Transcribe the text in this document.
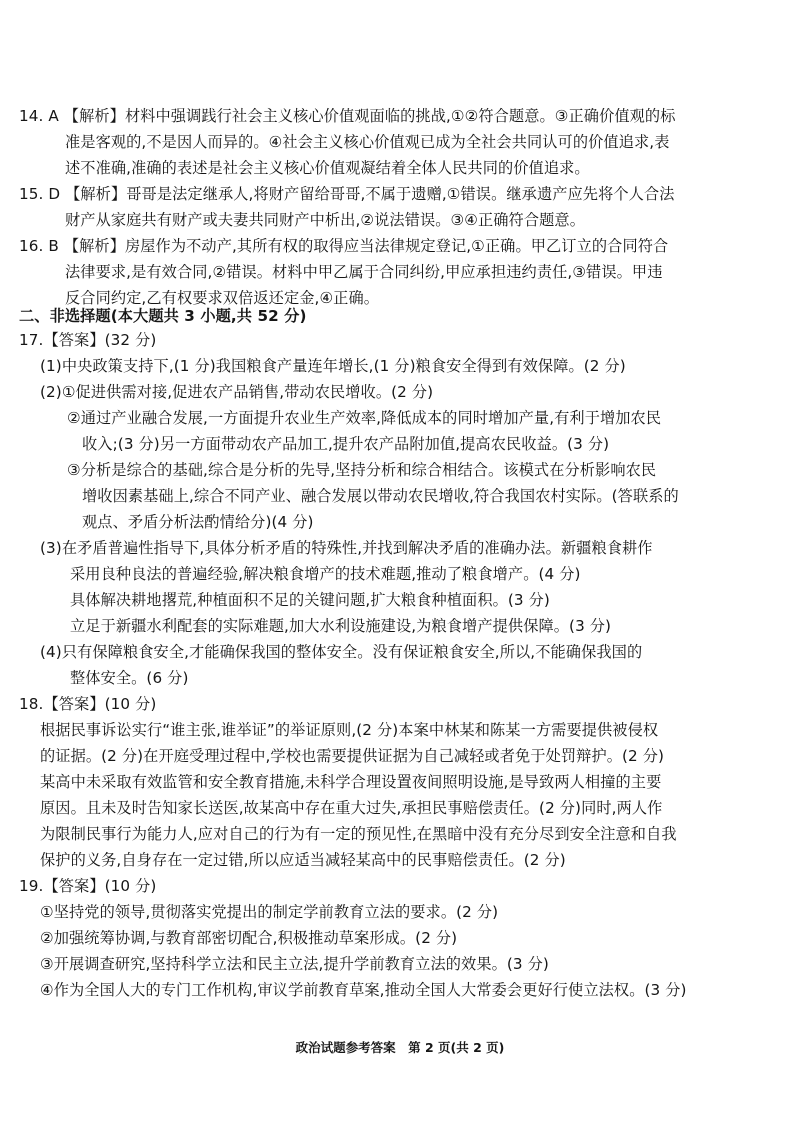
14. A 【解析】材料中强调践行社会主义核心价值观面临的挑战,①②符合题意。③正确价值观的标
准是客观的,不是因人而异的。④社会主义核心价值观已成为全社会共同认可的价值追求,表
述不准确,准确的表述是社会主义核心价值观凝结着全体人民共同的价值追求。
15. D 【解析】哥哥是法定继承人,将财产留给哥哥,不属于遗赠,①错误。继承遗产应先将个人合法
财产从家庭共有财产或夫妻共同财产中析出,②说法错误。③④正确符合题意。
16. B 【解析】房屋作为不动产,其所有权的取得应当法律规定登记,①正确。甲乙订立的合同符合
法律要求,是有效合同,②错误。材料中甲乙属于合同纠纷,甲应承担违约责任,③错误。甲违
反合同约定,乙有权要求双倍返还定金,④正确。
二、非选择题(本大题共 3 小题,共 52 分)
17.【答案】(32 分)
(1)中央政策支持下,(1 分)我国粮食产量连年增长,(1 分)粮食安全得到有效保障。(2 分)
(2)①促进供需对接,促进农产品销售,带动农民增收。(2 分)
②通过产业融合发展,一方面提升农业生产效率,降低成本的同时增加产量,有利于增加农民
收入;(3 分)另一方面带动农产品加工,提升农产品附加值,提高农民收益。(3 分)
③分析是综合的基础,综合是分析的先导,坚持分析和综合相结合。该模式在分析影响农民
增收因素基础上,综合不同产业、融合发展以带动农民增收,符合我国农村实际。(答联系的
观点、矛盾分析法酌情给分)(4 分)
(3)在矛盾普遍性指导下,具体分析矛盾的特殊性,并找到解决矛盾的准确办法。新疆粮食耕作
采用良种良法的普遍经验,解决粮食增产的技术难题,推动了粮食增产。(4 分)
具体解决耕地撂荒,种植面积不足的关键问题,扩大粮食种植面积。(3 分)
立足于新疆水利配套的实际难题,加大水利设施建设,为粮食增产提供保障。(3 分)
(4)只有保障粮食安全,才能确保我国的整体安全。没有保证粮食安全,所以,不能确保我国的
整体安全。(6 分)
18.【答案】(10 分)
根据民事诉讼实行“谁主张,谁举证”的举证原则,(2 分)本案中林某和陈某一方需要提供被侵权
的证据。(2 分)在开庭受理过程中,学校也需要提供证据为自己减轻或者免于处罚辩护。(2 分)
某高中未采取有效监管和安全教育措施,未科学合理设置夜间照明设施,是导致两人相撞的主要
原因。且未及时告知家长送医,故某高中存在重大过失,承担民事赔偿责任。(2 分)同时,两人作
为限制民事行为能力人,应对自己的行为有一定的预见性,在黑暗中没有充分尽到安全注意和自我
保护的义务,自身存在一定过错,所以应适当减轻某高中的民事赔偿责任。(2 分)
19.【答案】(10 分)
①坚持党的领导,贯彻落实党提出的制定学前教育立法的要求。(2 分)
②加强统筹协调,与教育部密切配合,积极推动草案形成。(2 分)
③开展调查研究,坚持科学立法和民主立法,提升学前教育立法的效果。(3 分)
④作为全国人大的专门工作机构,审议学前教育草案,推动全国人大常委会更好行使立法权。(3 分)
政治试题参考答案　第 2 页(共 2 页)
